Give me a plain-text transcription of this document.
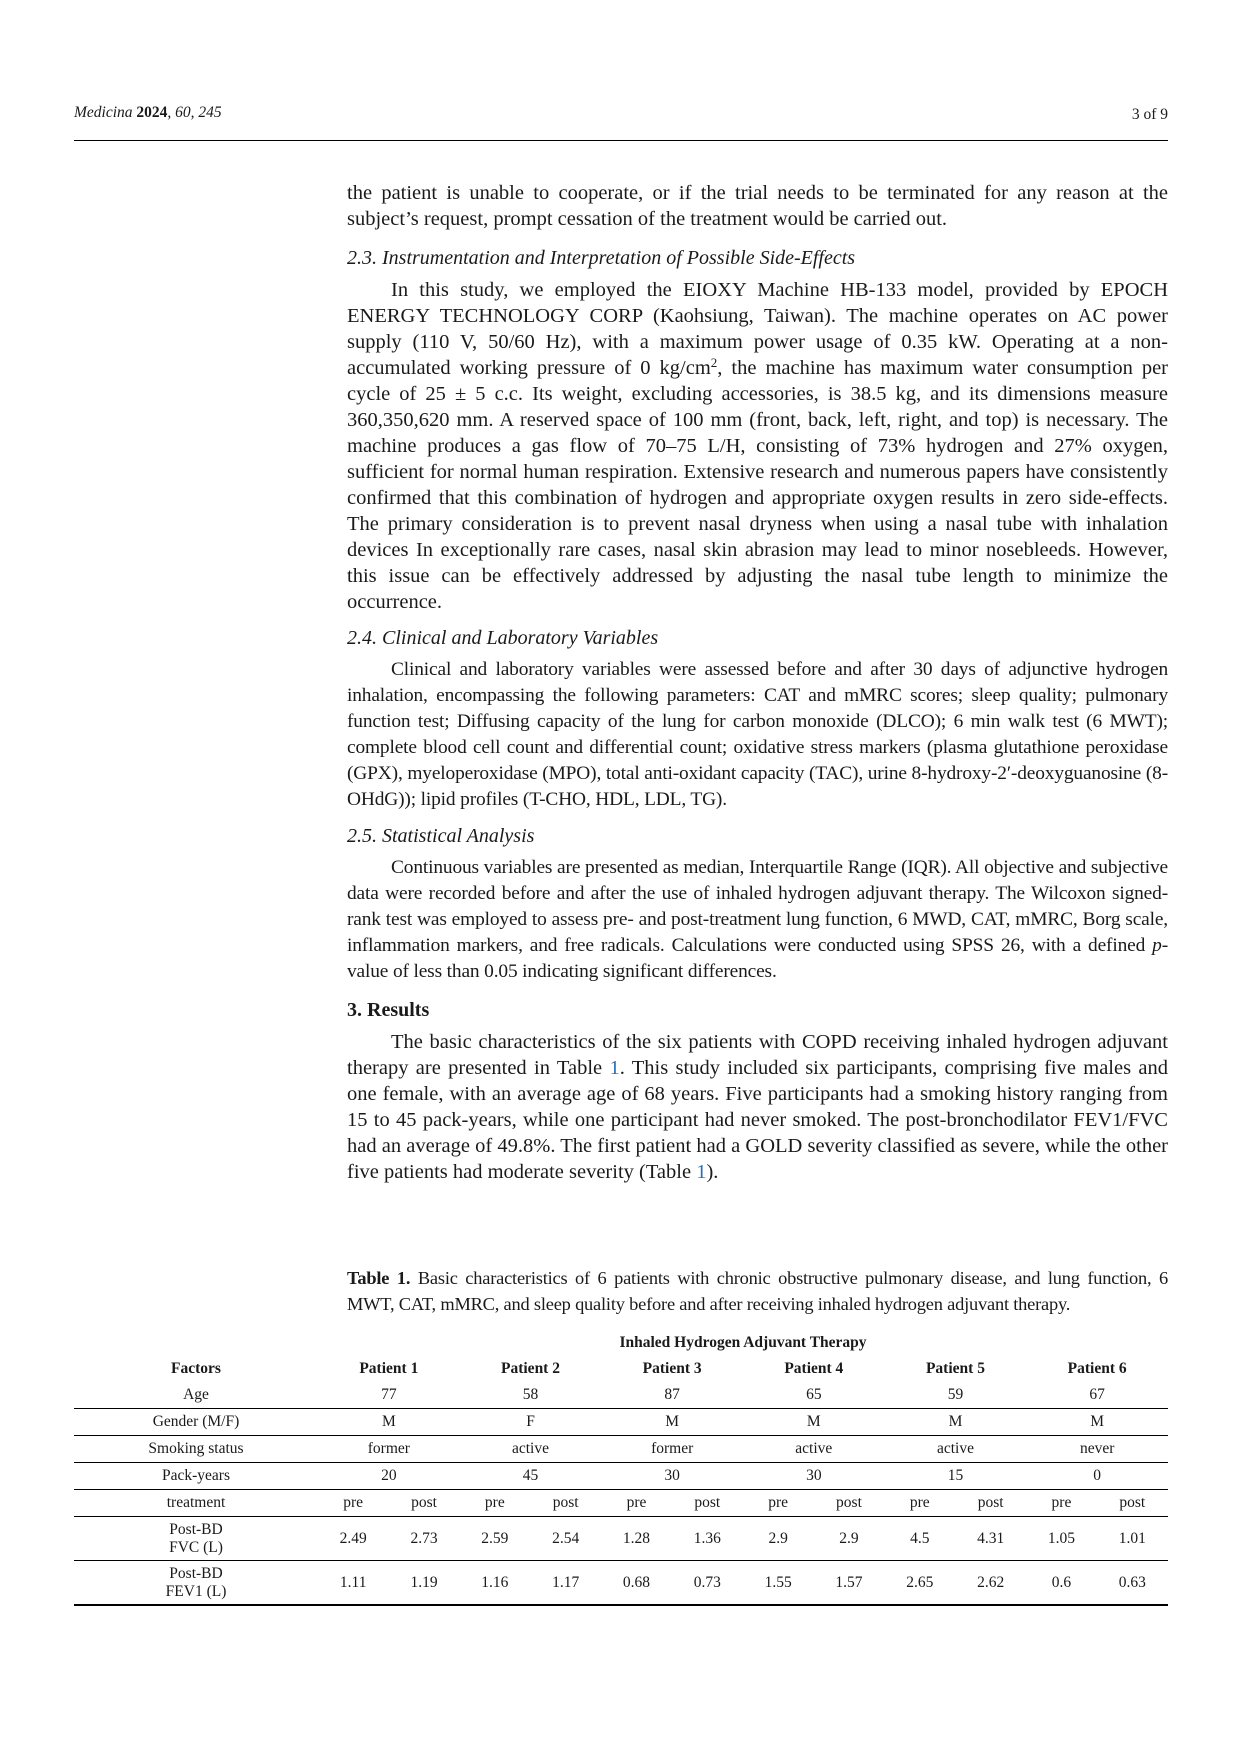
Medicina 2024, 60, 245	3 of 9

the patient is unable to cooperate, or if the trial needs to be terminated for any reason at the subject’s request, prompt cessation of the treatment would be carried out.

2.3. Instrumentation and Interpretation of Possible Side-Effects

In this study, we employed the EIOXY Machine HB-133 model, provided by EPOCH ENERGY TECHNOLOGY CORP (Kaohsiung, Taiwan). The machine operates on AC power supply (110 V, 50/60 Hz), with a maximum power usage of 0.35 kW. Operating at a non-accumulated working pressure of 0 $kg/cm^2$, the machine has maximum water consumption per cycle of 25 ± 5 c.c. Its weight, excluding accessories, is 38.5 kg, and its dimensions measure 360,350,620 mm. A reserved space of 100 mm (front, back, left, right, and top) is necessary. The machine produces a gas flow of 70–75 L/H, consisting of 73% hydrogen and 27% oxygen, sufficient for normal human respiration. Extensive research and numerous papers have consistently confirmed that this combination of hydrogen and appropriate oxygen results in zero side-effects. The primary consideration is to prevent nasal dryness when using a nasal tube with inhalation devices In exceptionally rare cases, nasal skin abrasion may lead to minor nosebleeds. However, this issue can be effectively addressed by adjusting the nasal tube length to minimize the occurrence.

2.4. Clinical and Laboratory Variables

Clinical and laboratory variables were assessed before and after 30 days of adjunctive hydrogen inhalation, encompassing the following parameters: CAT and mMRC scores; sleep quality; pulmonary function test; Diffusing capacity of the lung for carbon monoxide (DLCO); 6 min walk test (6 MWT); complete blood cell count and differential count; oxidative stress markers (plasma glutathione peroxidase (GPX), myeloperoxidase (MPO), total anti-oxidant capacity (TAC), urine 8-hydroxy-2′-deoxyguanosine (8-OHdG)); lipid profiles (T-CHO, HDL, LDL, TG).

2.5. Statistical Analysis

Continuous variables are presented as median, Interquartile Range (IQR). All objective and subjective data were recorded before and after the use of inhaled hydrogen adjuvant therapy. The Wilcoxon signed-rank test was employed to assess pre- and post-treatment lung function, 6 MWD, CAT, mMRC, Borg scale, inflammation markers, and free radicals. Calculations were conducted using SPSS 26, with a defined p-value of less than 0.05 indicating significant differences.

3. Results

The basic characteristics of the six patients with COPD receiving inhaled hydrogen adjuvant therapy are presented in Table 1. This study included six participants, comprising five males and one female, with an average age of 68 years. Five participants had a smoking history ranging from 15 to 45 pack-years, while one participant had never smoked. The post-bronchodilator FEV1/FVC had an average of 49.8%. The first patient had a GOLD severity classified as severe, while the other five patients had moderate severity (Table 1).

Table 1. Basic characteristics of 6 patients with chronic obstructive pulmonary disease, and lung function, 6 MWT, CAT, mMRC, and sleep quality before and after receiving inhaled hydrogen adjuvant therapy.
	Inhaled Hydrogen Adjuvant Therapy											
Factors	Patient 1		Patient 2		Patient 3		Patient 4		Patient 5		Patient 6	
Age	77		58		87		65		59		67	
Gender (M/F)	M		F		M		M		M		M	
Smoking status	former		active		former		active		active		never	
Pack-years	20		45		30		30		15		0	
treatment	pre	post	pre	post	pre	post	pre	post	pre	post	pre	post
Post-BD
FVC (L)	2.49	2.73	2.59	2.54	1.28	1.36	2.9	2.9	4.5	4.31	1.05	1.01
Post-BD
FEV1 (L)	1.11	1.19	1.16	1.17	0.68	0.73	1.55	1.57	2.65	2.62	0.6	0.63
